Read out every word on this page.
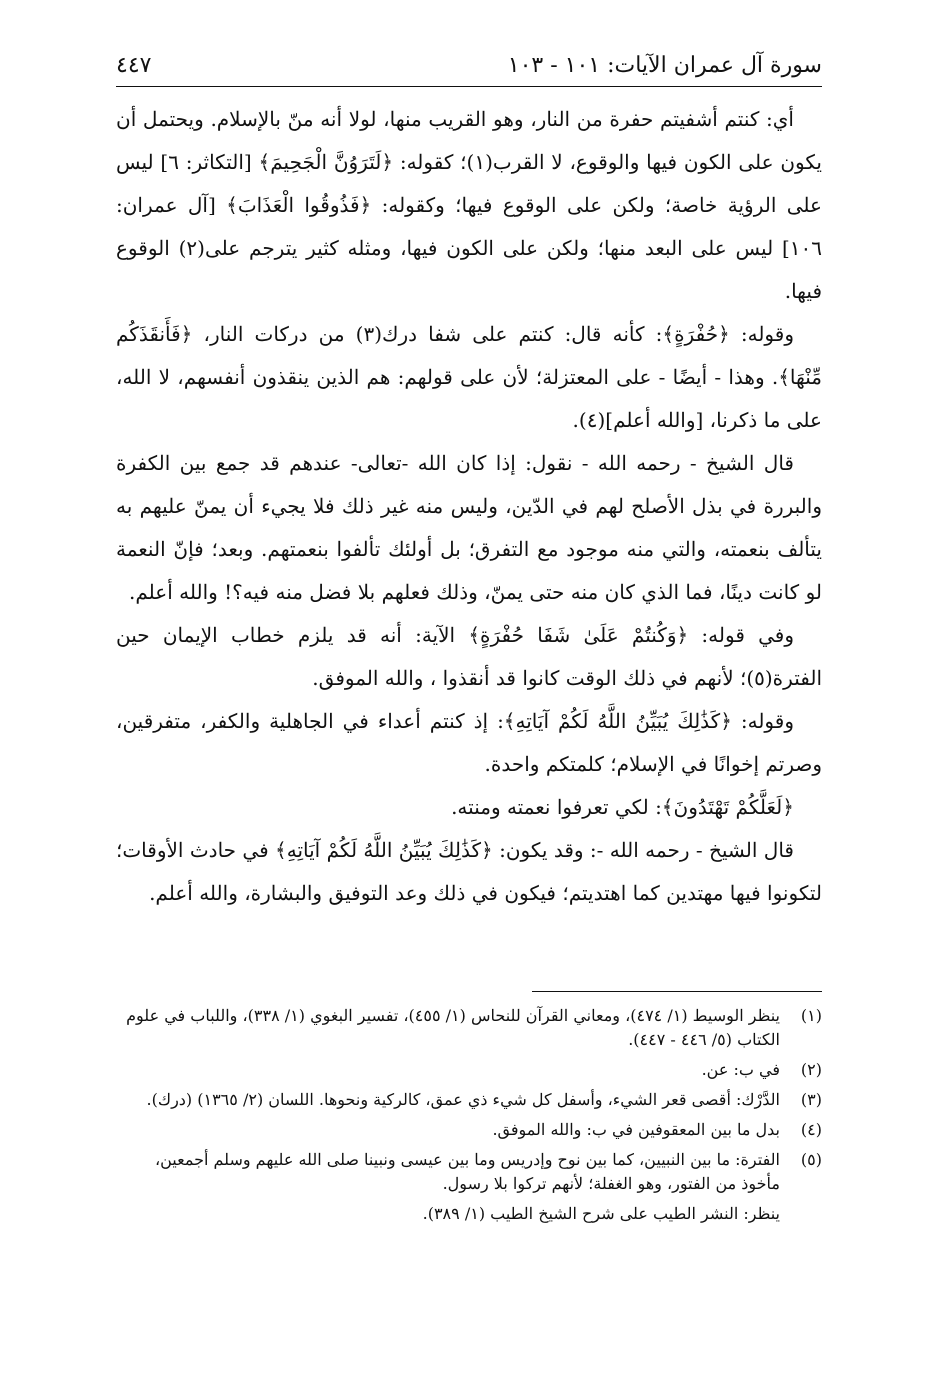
سورة آل عمران الآيات: ١٠١ - ١٠٣
٤٤٧

أي: كنتم أشفيتم حفرة من النار، وهو القريب منها، لولا أنه منّ بالإسلام. ويحتمل أن يكون على الكون فيها والوقوع، لا القرب(١)؛ كقوله: ﴿لَتَرَوُنَّ الْجَحِيمَ﴾ [التكاثر: ٦] ليس على الرؤية خاصة؛ ولكن على الوقوع فيها؛ وكقوله: ﴿فَذُوقُوا الْعَذَابَ﴾ [آل عمران: ١٠٦] ليس على البعد منها؛ ولكن على الكون فيها، ومثله كثير يترجم على(٢) الوقوع فيها.

وقوله: ﴿حُفْرَةٍ﴾: كأنه قال: كنتم على شفا درك(٣) من دركات النار، ﴿فَأَنقَذَكُم مِّنْهَا﴾. وهذا - أيضًا - على المعتزلة؛ لأن على قولهم: هم الذين ينقذون أنفسهم، لا الله، على ما ذكرنا، [والله أعلم](٤).

قال الشيخ - رحمه الله - نقول: إذا كان الله -تعالى- عندهم قد جمع بين الكفرة والبررة في بذل الأصلح لهم في الدّين، وليس منه غير ذلك فلا يجيء أن يمنّ عليهم به يتألف بنعمته، والتي منه موجود مع التفرق؛ بل أولئك تألفوا بنعمتهم. وبعد؛ فإنّ النعمة لو كانت دينًا، فما الذي كان منه حتى يمنّ، وذلك فعلهم بلا فضل منه فيه؟! والله أعلم.

وفي قوله: ﴿وَكُنتُمْ عَلَىٰ شَفَا حُفْرَةٍ﴾ الآية: أنه قد يلزم خطاب الإيمان حين الفترة(٥)؛ لأنهم في ذلك الوقت كانوا قد أنقذوا ، والله الموفق.

وقوله: ﴿كَذَٰلِكَ يُبَيِّنُ اللَّهُ لَكُمْ آيَاتِهِ﴾: إذ كنتم أعداء في الجاهلية والكفر، متفرقين، وصرتم إخوانًا في الإسلام؛ كلمتكم واحدة.

﴿لَعَلَّكُمْ تَهْتَدُونَ﴾: لكي تعرفوا نعمته ومنته.

قال الشيخ - رحمه الله -: وقد يكون: ﴿كَذَٰلِكَ يُبَيِّنُ اللَّهُ لَكُمْ آيَاتِهِ﴾ في حادث الأوقات؛ لتكونوا فيها مهتدين كما اهتديتم؛ فيكون في ذلك وعد التوفيق والبشارة، والله أعلم.

(١)
ينظر الوسيط (١/ ٤٧٤)، ومعاني القرآن للنحاس (١/ ٤٥٥)، تفسير البغوي (١/ ٣٣٨)، واللباب في علوم الكتاب (٥/ ٤٤٦ - ٤٤٧).
(٢)
في ب: عن.
(٣)
الدَّرْك: أقصى قعر الشيء، وأسفل كل شيء ذي عمق، كالركية ونحوها. اللسان (٢/ ١٣٦٥) (درك).
(٤)
بدل ما بين المعقوفين في ب: والله الموفق.
(٥)
الفترة: ما بين النبيين، كما بين نوح وإدريس وما بين عيسى ونبينا صلى الله عليهم وسلم أجمعين، مأخوذ من الفتور، وهو الغفلة؛ لأنهم تركوا بلا رسول.
ينظر: النشر الطيب على شرح الشيخ الطيب (١/ ٣٨٩).
